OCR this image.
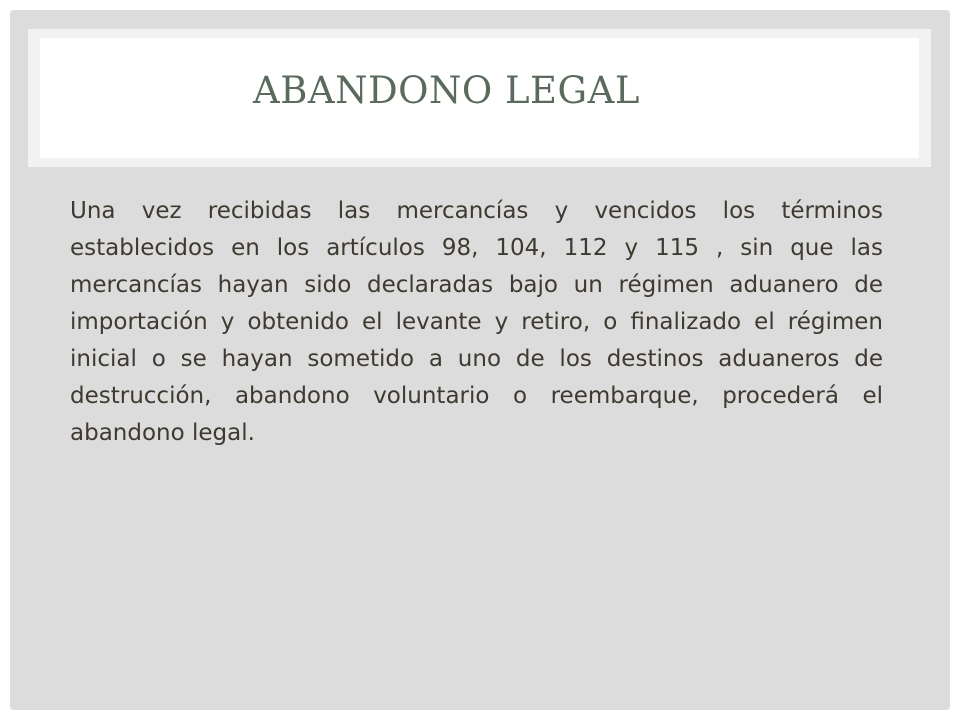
ABANDONO LEGAL

Una vez recibidas las mercancías y vencidos los términos establecidos en los artículos 98, 104, 112 y 115 , sin que las mercancías hayan sido declaradas bajo un régimen aduanero de importación y obtenido el levante y retiro, o finalizado el régimen inicial o se hayan sometido a uno de los destinos aduaneros de destrucción, abandono voluntario o reembarque, procederá el abandono legal.
